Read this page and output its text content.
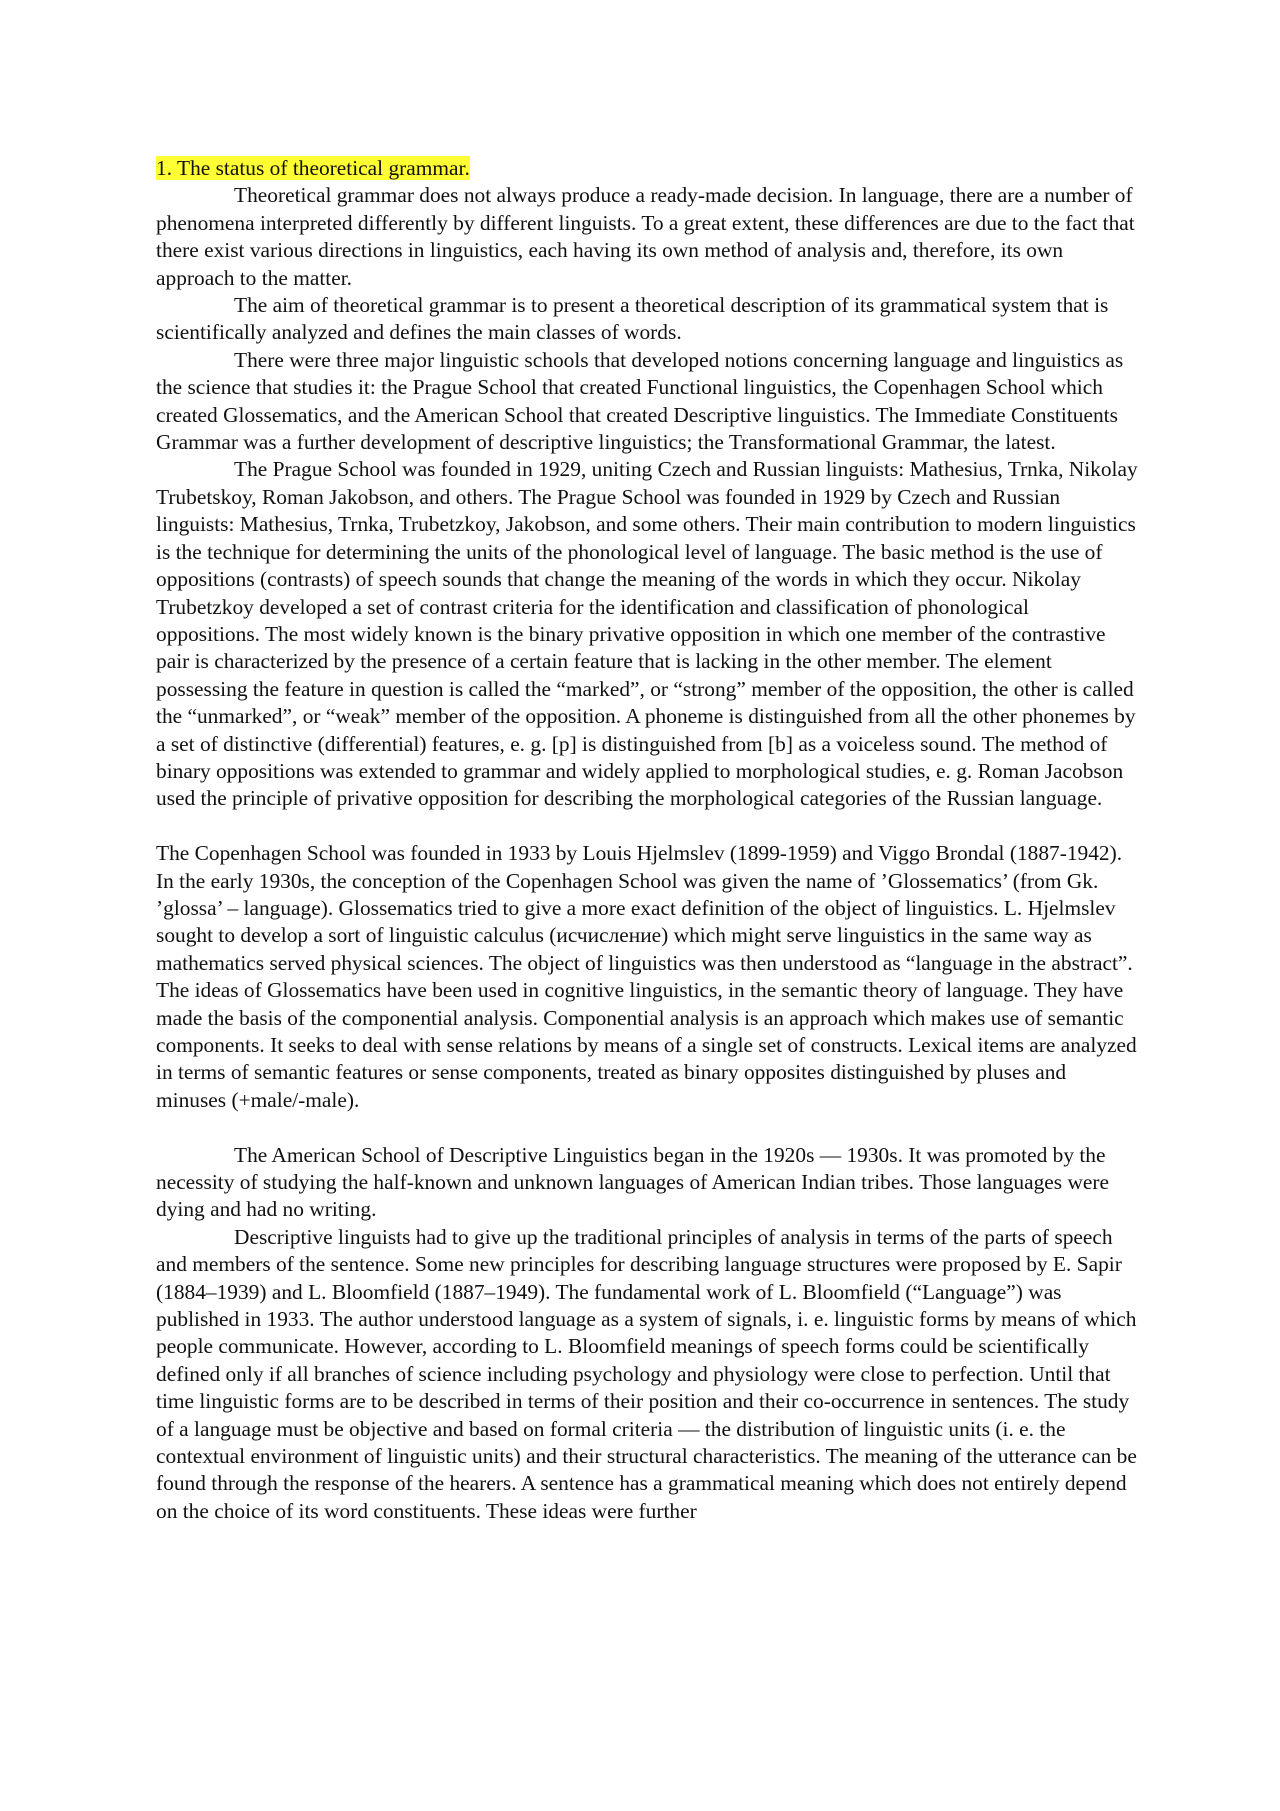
1. The status of theoretical grammar.

Theoretical grammar does not always produce a ready-made decision. In language, there are a number of phenomena interpreted differently by different linguists. To a great extent, these differences are due to the fact that there exist various directions in linguistics, each having its own method of analysis and, therefore, its own approach to the matter.

The aim of theoretical grammar is to present a theoretical description of its grammatical system that is scientifically analyzed and defines the main classes of words.

There were three major linguistic schools that developed notions concerning language and linguistics as the science that studies it: the Prague School that created Functional linguistics, the Copenhagen School which created Glossematics, and the American School that created Descriptive linguistics. The Immediate Constituents Grammar was a further development of descriptive linguistics; the Transformational Grammar, the latest.

The Prague School was founded in 1929, uniting Czech and Russian linguists: Mathesius, Trnka, Nikolay Trubetskoy, Roman Jakobson, and others. The Prague School was founded in 1929 by Czech and Russian linguists: Mathesius, Trnka, Trubetzkoy, Jakobson, and some others. Their main contribution to modern linguistics is the technique for determining the units of the phonological level of language. The basic method is the use of oppositions (contrasts) of speech sounds that change the meaning of the words in which they occur. Nikolay Trubetzkoy developed a set of contrast criteria for the identification and classification of phonological oppositions. The most widely known is the binary privative opposition in which one member of the contrastive pair is characterized by the presence of a certain feature that is lacking in the other member. The element possessing the feature in question is called the “marked”, or “strong” member of the opposition, the other is called the “unmarked”, or “weak” member of the opposition. A phoneme is distinguished from all the other phonemes by a set of distinctive (differential) features, e. g. [p] is distinguished from [b] as a voiceless sound. The method of binary oppositions was extended to grammar and widely applied to morphological studies, e. g. Roman Jacobson used the principle of privative opposition for describing the morphological categories of the Russian language.

The Copenhagen School was founded in 1933 by Louis Hjelmslev (1899-1959) and Viggo Brondal (1887-1942). In the early 1930s, the conception of the Copenhagen School was given the name of ’Glossematics’ (from Gk. ’glossa’ – language). Glossematics tried to give a more exact definition of the object of linguistics. L. Hjelmslev sought to develop a sort of linguistic calculus (исчисление) which might serve linguistics in the same way as mathematics served physical sciences. The object of linguistics was then understood as “language in the abstract”. The ideas of Glossematics have been used in cognitive linguistics, in the semantic theory of language. They have made the basis of the componential analysis. Componential analysis is an approach which makes use of semantic components. It seeks to deal with sense relations by means of a single set of constructs. Lexical items are analyzed in terms of semantic features or sense components, treated as binary opposites distinguished by pluses and minuses (+male/-male).

The American School of Descriptive Linguistics began in the 1920s — 1930s. It was promoted by the necessity of studying the half-known and unknown languages of American Indian tribes. Those languages were dying and had no writing.

Descriptive linguists had to give up the traditional principles of analysis in terms of the parts of speech and members of the sentence. Some new principles for describing language structures were proposed by E. Sapir (1884–1939) and L. Bloomfield (1887–1949). The fundamental work of L. Bloomfield (“Language”) was published in 1933. The author understood language as a system of signals, i. e. linguistic forms by means of which people communicate. However, according to L. Bloomfield meanings of speech forms could be scientifically defined only if all branches of science including psychology and physiology were close to perfection. Until that time linguistic forms are to be described in terms of their position and their co-occurrence in sentences. The study of a language must be objective and based on formal criteria — the distribution of linguistic units (i. e. the contextual environment of linguistic units) and their structural characteristics. The meaning of the utterance can be found through the response of the hearers. A sentence has a grammatical meaning which does not entirely depend on the choice of its word constituents. These ideas were further
